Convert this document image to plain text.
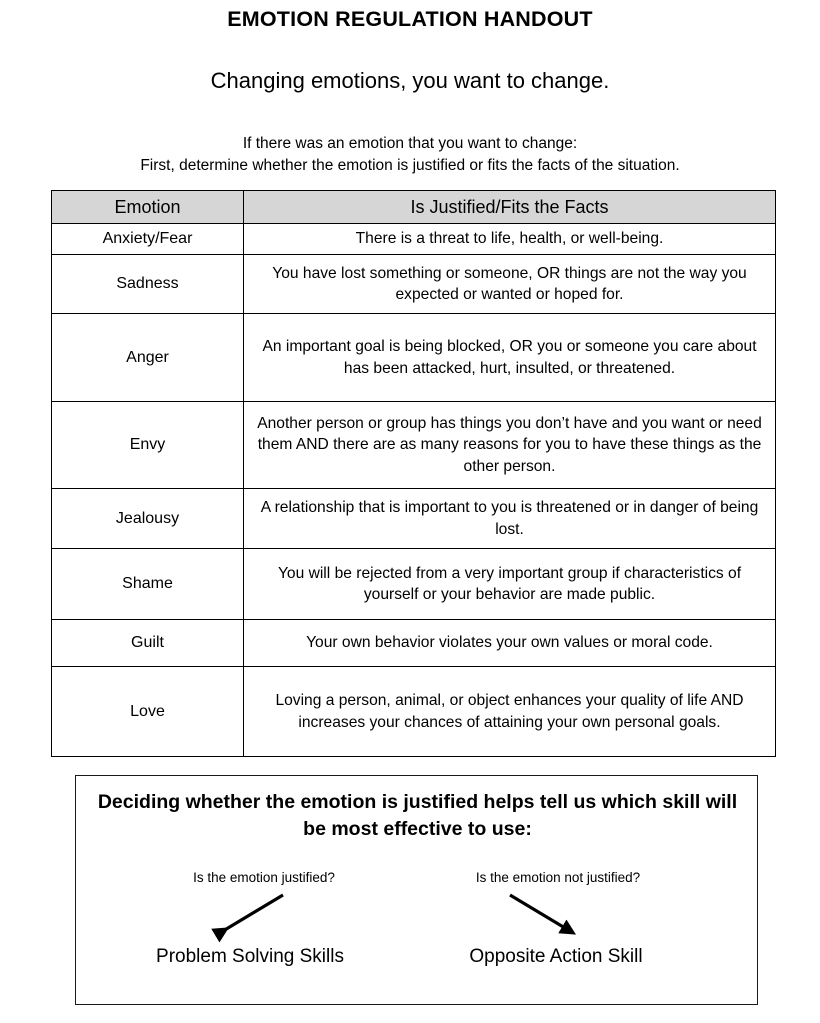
EMOTION REGULATION HANDOUT
Changing emotions, you want to change.
If there was an emotion that you want to change:
First, determine whether the emotion is justified or fits the facts of the situation.
Emotion	Is Justified/Fits the Facts
Anxiety/Fear	There is a threat to life, health, or well-being.
Sadness	You have lost something or someone, OR things are not the way you expected or wanted or hoped for.
Anger	An important goal is being blocked, OR you or someone you care about has been attacked, hurt, insulted, or threatened.
Envy	Another person or group has things you don’t have and you want or need them AND there are as many reasons for you to have these things as the other person.
Jealousy	A relationship that is important to you is threatened or in danger of being lost.
Shame	You will be rejected from a very important group if characteristics of yourself or your behavior are made public.
Guilt	Your own behavior violates your own values or moral code.
Love	Loving a person, animal, or object enhances your quality of life AND increases your chances of attaining your own personal goals.
Deciding whether the emotion is justified helps tell us which skill will be most effective to use:
Is the emotion justified?	Is the emotion not justified?
Problem Solving Skills	Opposite Action Skill
